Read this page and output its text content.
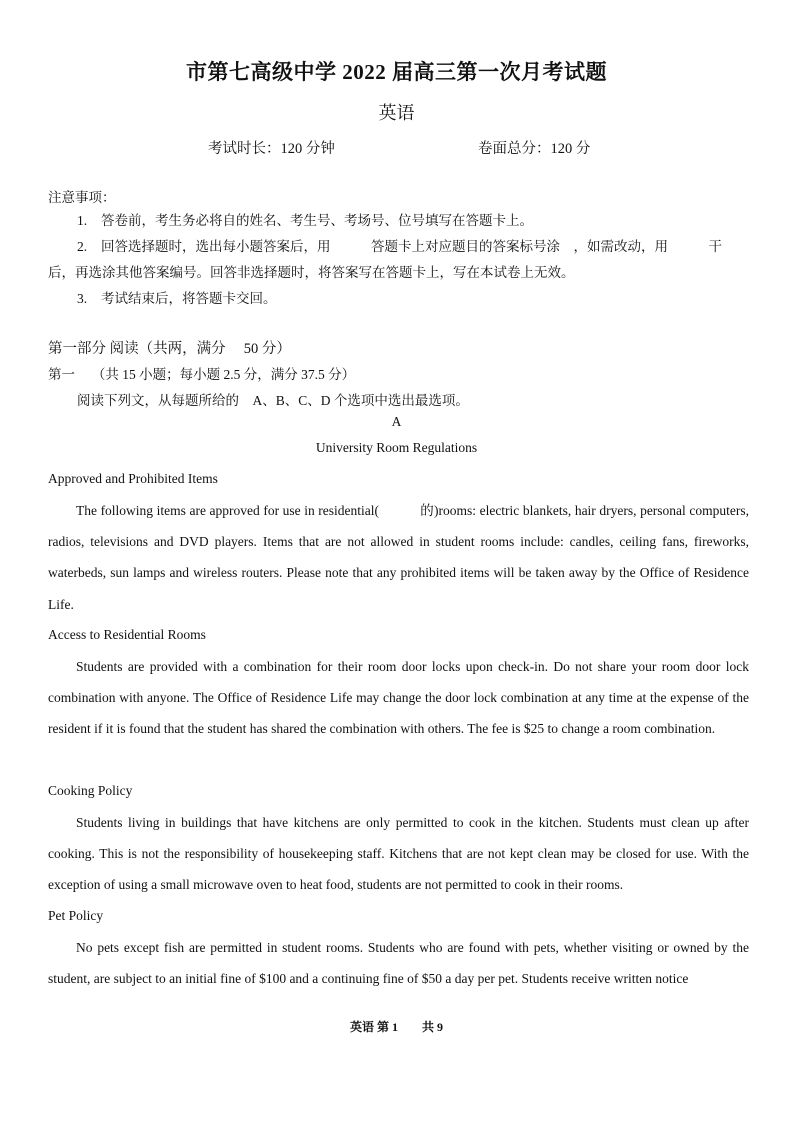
市第七高级中学 2022 届高三第一次月考试题
英语
考试时长：120 分钟	卷面总分：120 分
注意事项：
1. 答卷前，考生务必将自的姓名、考生号、考场号、位号填写在答题卡上。
2. 回答选择题时，选出每小题答案后，用　　　答题卡上对应题目的答案标号涂　，如需改动，用　　　干
后，再选涂其他答案编号。回答非选择题时，将答案写在答题卡上，写在本试卷上无效。
3. 考试结束后，将答题卡交回。
第一部分 阅读（共两，满分　 50 分）
第一　 （共 15 小题；每小题 2.5 分，满分 37.5 分）
阅读下列文，从每题所给的　A、B、C、D 个选项中选出最选项。
A
University Room Regulations
Approved and Prohibited Items

The following items are approved for use in residential(　　　的)rooms: electric blankets, hair dryers, personal computers, radios, televisions and DVD players. Items that are not allowed in student rooms include: candles, ceiling fans, fireworks, waterbeds, sun lamps and wireless routers. Please note that any prohibited items will be taken away by the Office of Residence Life.

Access to Residential Rooms

Students are provided with a combination for their room door locks upon check-in. Do not share your room door lock combination with anyone. The Office of Residence Life may change the door lock combination at any time at the expense of the resident if it is found that the student has shared the combination with others. The fee is $25 to change a room combination.

Cooking Policy

Students living in buildings that have kitchens are only permitted to cook in the kitchen. Students must clean up after cooking. This is not the responsibility of housekeeping staff. Kitchens that are not kept clean may be closed for use. With the exception of using a small microwave oven to heat food, students are not permitted to cook in their rooms.

Pet Policy

No pets except fish are permitted in student rooms. Students who are found with pets, whether visiting or owned by the student, are subject to an initial fine of $100 and a continuing fine of $50 a day per pet. Students receive written notice

英语 第 1　　共 9
